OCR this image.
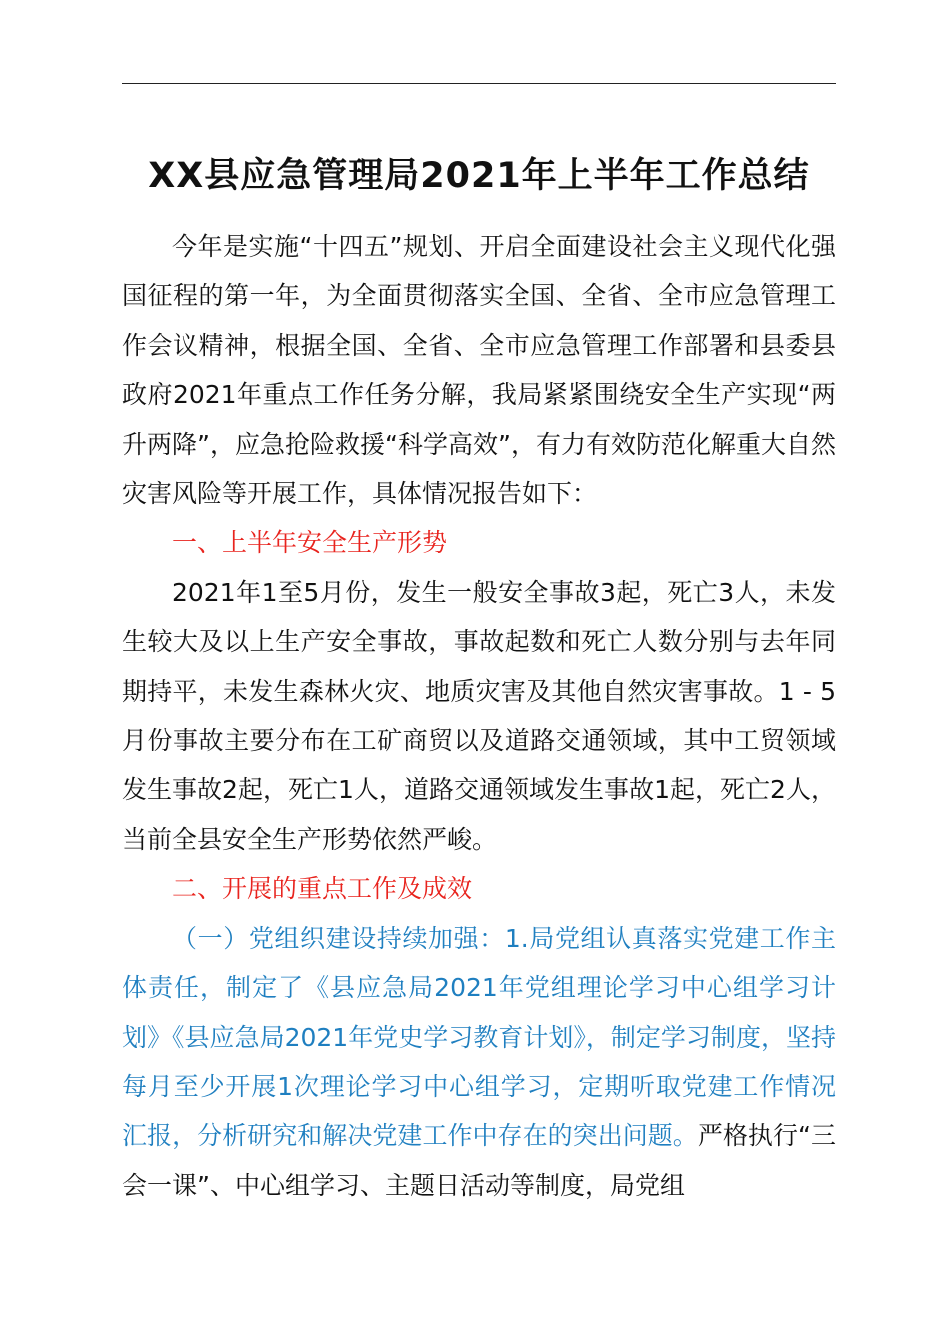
XX县应急管理局2021年上半年工作总结

今年是实施“十四五”规划、开启全面建设社会主义现代化强国征程的第一年，为全面贯彻落实全国、全省、全市应急管理工作会议精神，根据全国、全省、全市应急管理工作部署和县委县政府2021年重点工作任务分解，我局紧紧围绕安全生产实现“两升两降”，应急抢险救援“科学高效”，有力有效防范化解重大自然灾害风险等开展工作，具体情况报告如下：

一、上半年安全生产形势

2021年1至5月份，发生一般安全事故3起，死亡3人，未发生较大及以上生产安全事故，事故起数和死亡人数分别与去年同期持平，未发生森林火灾、地质灾害及其他自然灾害事故。1 - 5月份事故主要分布在工矿商贸以及道路交通领域，其中工贸领域发生事故2起，死亡1人，道路交通领域发生事故1起，死亡2人，当前全县安全生产形势依然严峻。

二、开展的重点工作及成效

（一）党组织建设持续加强：1.局党组认真落实党建工作主体责任，制定了《县应急局2021年党组理论学习中心组学习计划》《县应急局2021年党史学习教育计划》，制定学习制度，坚持每月至少开展1次理论学习中心组学习，定期听取党建工作情况汇报，分析研究和解决党建工作中存在的突出问题。严格执行“三会一课”、中心组学习、主题日活动等制度，局党组
